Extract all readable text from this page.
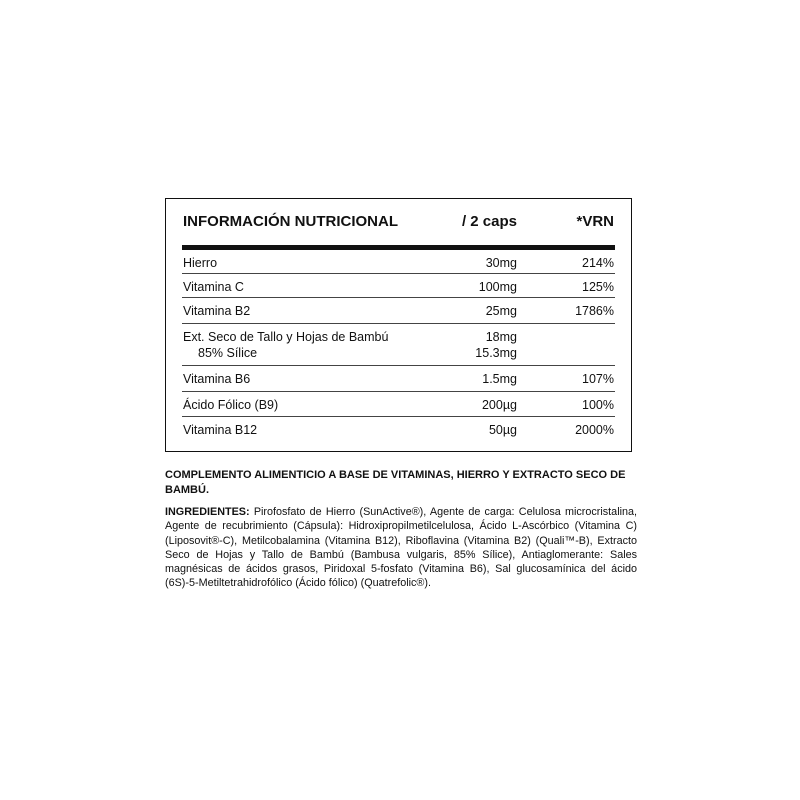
INFORMACIÓN NUTRICIONAL	/ 2 caps	*VRN
Hierro	30mg	214%
Vitamina C	100mg	125%
Vitamina B2	25mg	1786%
Ext. Seco de Tallo y Hojas de Bambú	18mg
85% Sílice	15.3mg
Vitamina B6	1.5mg	107%
Ácido Fólico (B9)	200µg	100%
Vitamina B12	50µg	2000%
COMPLEMENTO ALIMENTICIO A BASE DE VITAMINAS, HIERRO Y EXTRACTO SECO DE BAMBÚ.
INGREDIENTES: Pirofosfato de Hierro (SunActive®), Agente de carga: Celulosa microcristalina, Agente de recubrimiento (Cápsula): Hidroxipropilmetilcelulosa, Ácido L-Ascórbico (Vitamina C) (Liposovit®-C), Metilcobalamina (Vitamina B12), Riboflavina (Vitamina B2) (Quali™-B), Extracto Seco de Hojas y Tallo de Bambú (Bambusa vulgaris, 85% Sílice), Antiaglomerante: Sales magnésicas de ácidos grasos, Piridoxal 5-fosfato (Vitamina B6), Sal glucosamínica del ácido (6S)-5-Metiltetrahidrofólico (Ácido fólico) (Quatrefolic®).
